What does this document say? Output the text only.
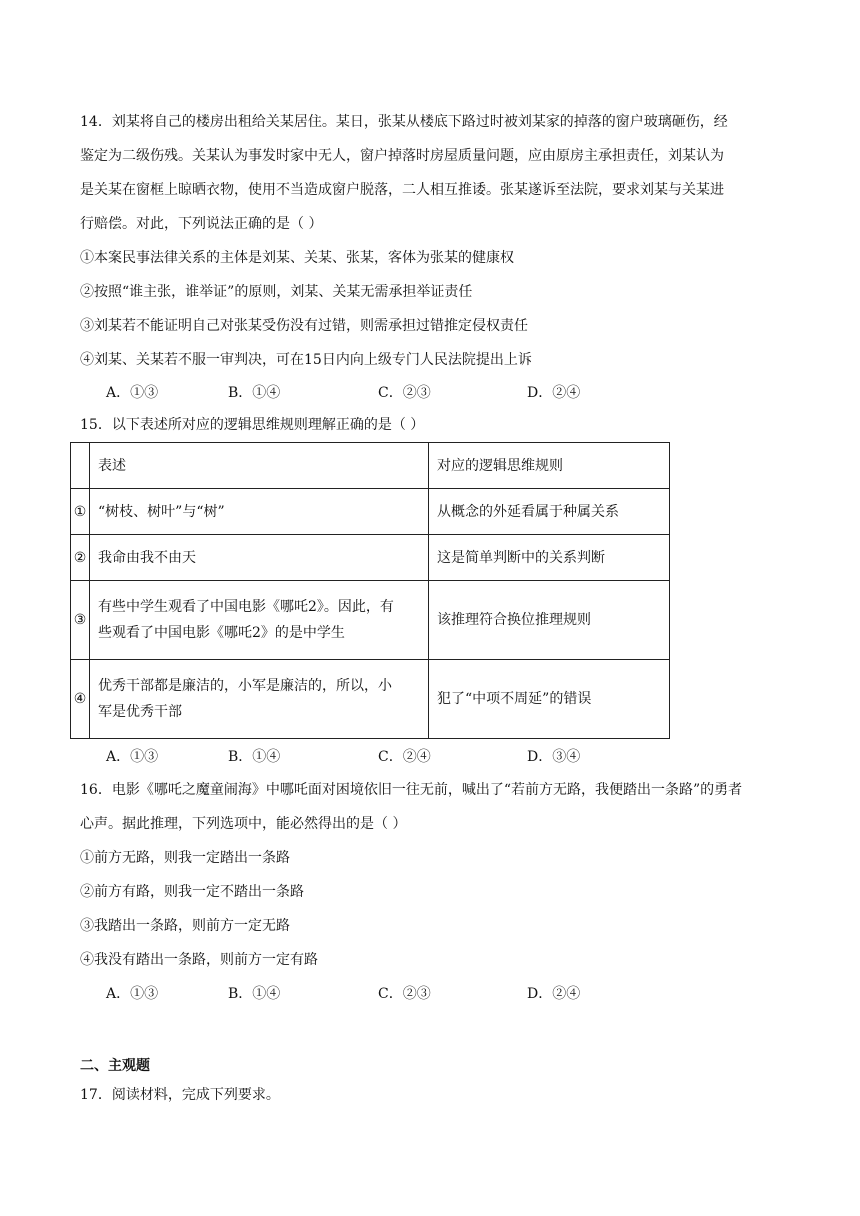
14．刘某将自己的楼房出租给关某居住。某日，张某从楼底下路过时被刘某家的掉落的窗户玻璃砸伤，经
鉴定为二级伤残。关某认为事发时家中无人，窗户掉落时房屋质量问题，应由原房主承担责任，刘某认为
是关某在窗框上晾晒衣物，使用不当造成窗户脱落，二人相互推诿。张某遂诉至法院，要求刘某与关某进
行赔偿。对此，下列说法正确的是（ ）
①本案民事法律关系的主体是刘某、关某、张某，客体为张某的健康权
②按照“谁主张，谁举证”的原则，刘某、关某无需承担举证责任
③刘某若不能证明自己对张某受伤没有过错，则需承担过错推定侵权责任
④刘某、关某若不服一审判决，可在15日内向上级专门人民法院提出上诉
A．①③	B．①④	C．②③	D．②④
15．以下表述所对应的逻辑思维规则理解正确的是（ ）
	表述	对应的逻辑思维规则
①	“树枝、树叶”与“树”	从概念的外延看属于种属关系
②	我命由我不由天	这是简单判断中的关系判断
③	有些中学生观看了中国电影《哪吒2》。因此，有
些观看了中国电影《哪吒2》的是中学生	该推理符合换位推理规则
④	优秀干部都是廉洁的，小军是廉洁的，所以，小
军是优秀干部	犯了“中项不周延”的错误
A．①③	B．①④	C．②④	D．③④
16．电影《哪吒之魔童闹海》中哪吒面对困境依旧一往无前，喊出了“若前方无路，我便踏出一条路”的勇者
心声。据此推理，下列选项中，能必然得出的是（ ）
①前方无路，则我一定踏出一条路
②前方有路，则我一定不踏出一条路
③我踏出一条路，则前方一定无路
④我没有踏出一条路，则前方一定有路
A．①③	B．①④	C．②③	D．②④
二、主观题
17．阅读材料，完成下列要求。
